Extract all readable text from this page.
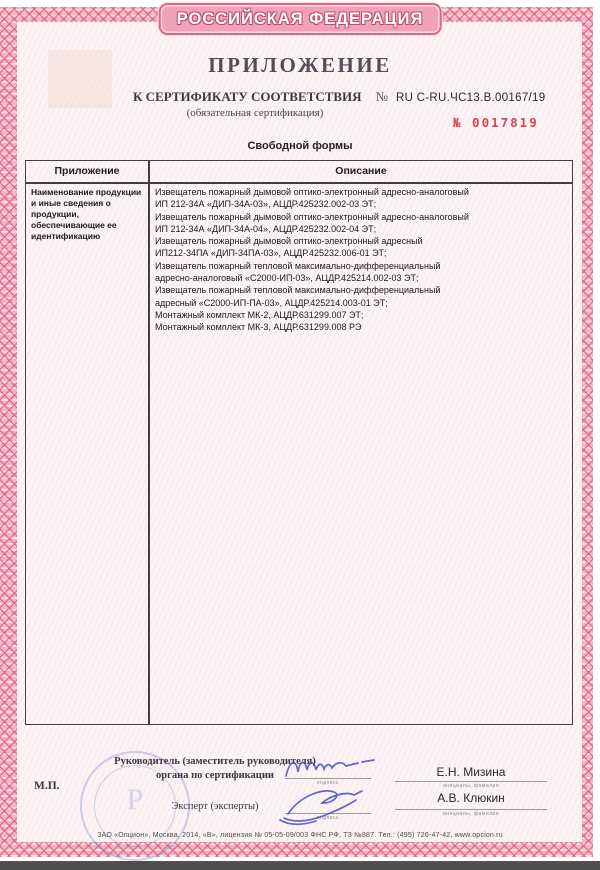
РОССИЙСКАЯ ФЕДЕРАЦИЯ
ПРИЛОЖЕНИЕ
К СЕРТИФИКАТУ СООТВЕТСТВИЯ № RU C-RU.ЧС13.В.00167/19
(обязательная сертификация)
№ 0017819
Свободной формы
Приложение	Описание
Наименование продукции и иные сведения о продукции, обеспечивающие ее идентификацию
Извещатель пожарный дымовой оптико-электронный адресно-аналоговый
ИП 212-34А «ДИП-34А-03», АЦДР.425232.002-03 ЭТ;
Извещатель пожарный дымовой оптико-электронный адресно-аналоговый
ИП 212-34А «ДИП-34А-04», АЦДР.425232.002-04 ЭТ;
Извещатель пожарный дымовой оптико-электронный адресный
ИП212-34ПА «ДИП-34ПА-03», АЦДР.425232.006-01 ЭТ;
Извещатель пожарный тепловой максимально-дифференциальный
адресно-аналоговый «С2000-ИП-03», АЦДР.425214.002-03 ЭТ;
Извещатель пожарный тепловой максимально-дифференциальный
адресный «С2000-ИП-ПА-03», АЦДР.425214.003-01 ЭТ;
Монтажный комплект МК-2, АЦДР.631299.007 ЭТ;
Монтажный комплект МК-3, АЦДР.631299.008 РЭ
Р
Руководитель (заместитель руководителя)
органа по сертификации
М.П.
Эксперт (эксперты)
подпись
подпись
Е.Н. Мизина
инициалы, фамилия
А.В. Клюкин
инициалы, фамилия
ЗАО «Опцион», Москва, 2014, «В», лицензия № 05-05-09/003 ФНС РФ, ТЗ №887. Тел.: (495) 726-47-42, www.opcion.ru
